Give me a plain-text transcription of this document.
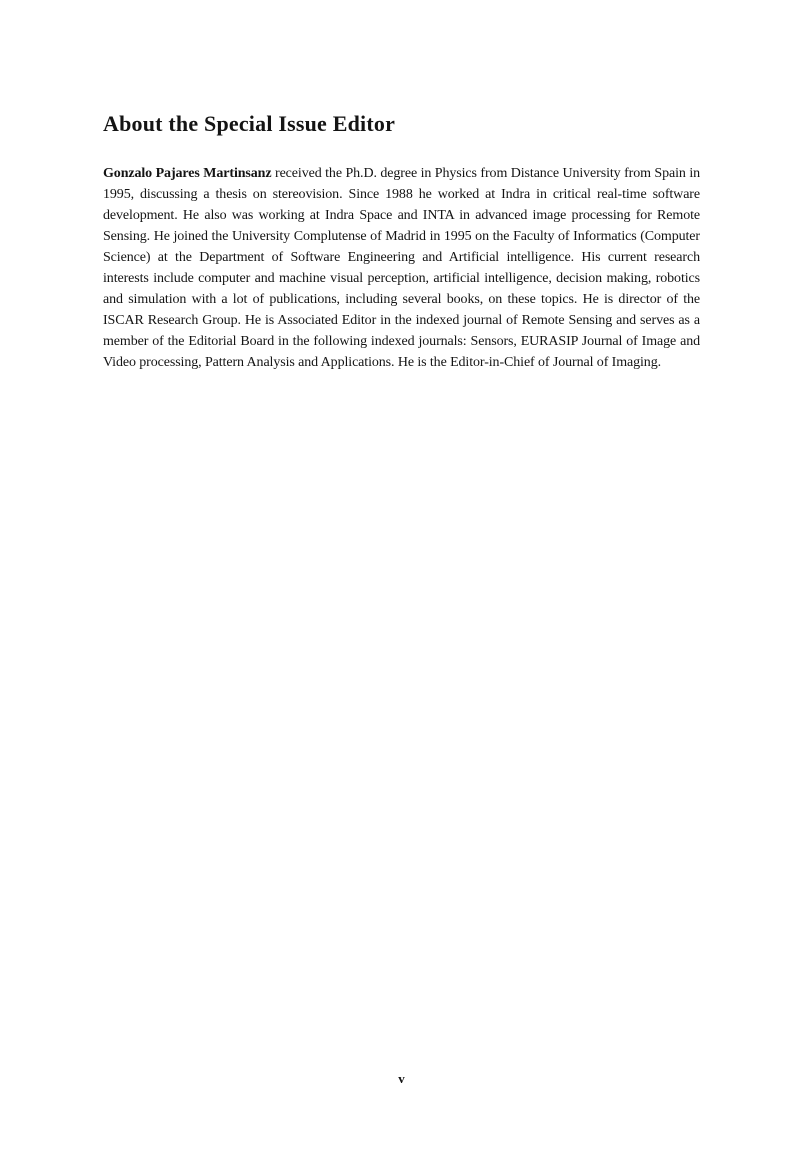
About the Special Issue Editor

Gonzalo Pajares Martinsanz received the Ph.D. degree in Physics from Distance University from Spain in 1995, discussing a thesis on stereovision. Since 1988 he worked at Indra in critical real-time software development. He also was working at Indra Space and INTA in advanced image processing for Remote Sensing. He joined the University Complutense of Madrid in 1995 on the Faculty of Informatics (Computer Science) at the Department of Software Engineering and Artificial intelligence. His current research interests include computer and machine visual perception, artificial intelligence, decision making, robotics and simulation with a lot of publications, including several books, on these topics. He is director of the ISCAR Research Group. He is Associated Editor in the indexed journal of Remote Sensing and serves as a member of the Editorial Board in the following indexed journals: Sensors, EURASIP Journal of Image and Video processing, Pattern Analysis and Applications. He is the Editor-in-Chief of Journal of Imaging.

v
